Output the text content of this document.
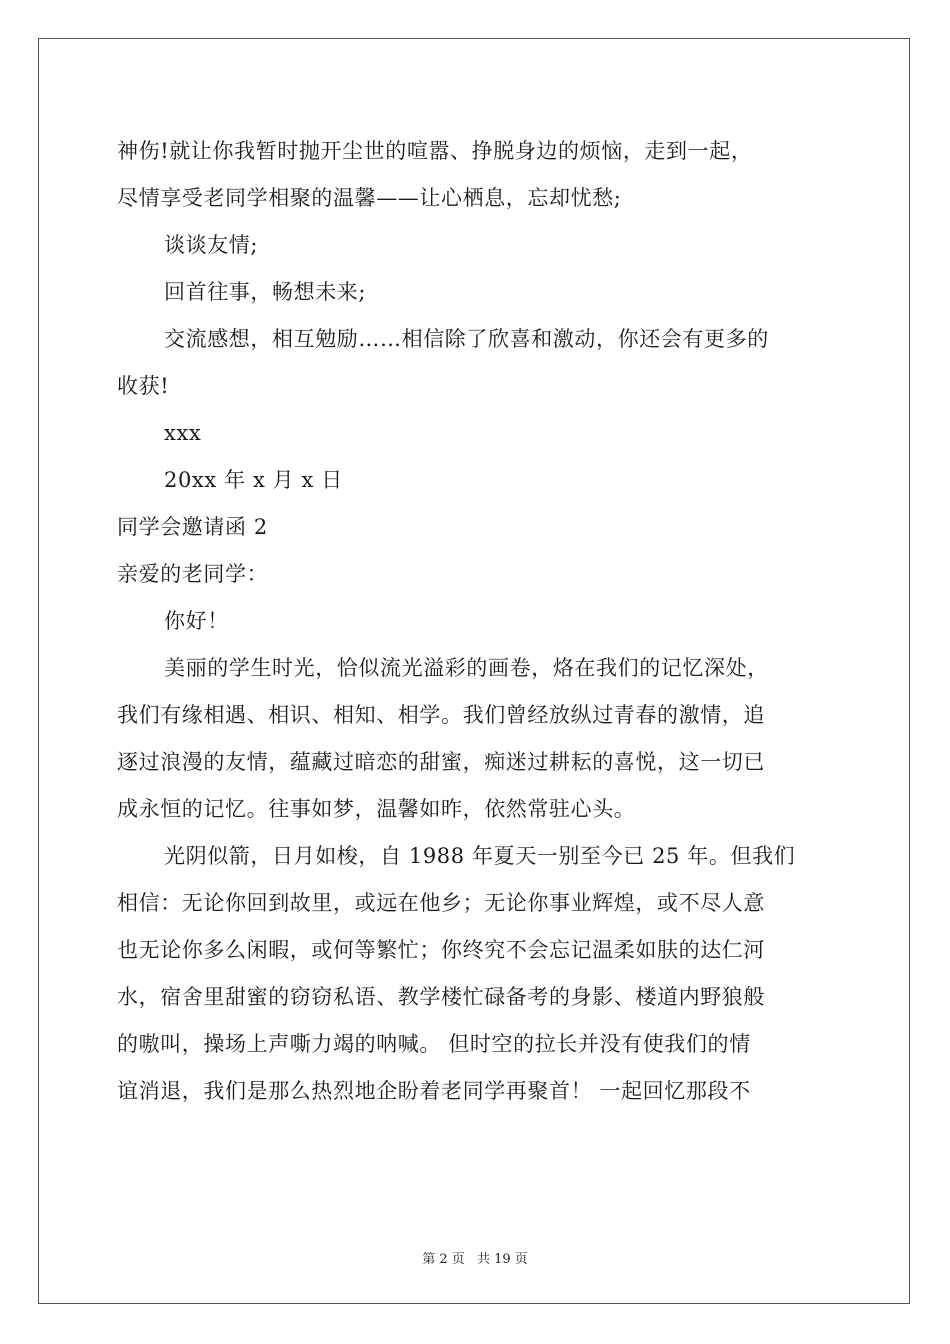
神伤!就让你我暂时抛开尘世的喧嚣、挣脱身边的烦恼，走到一起，
尽情享受老同学相聚的温馨——让心栖息，忘却忧愁;
谈谈友情;
回首往事，畅想未来;
交流感想，相互勉励……相信除了欣喜和激动，你还会有更多的
收获!
xxx
20xx 年 x 月 x 日
同学会邀请函 2
亲爱的老同学：
你好！
美丽的学生时光，恰似流光溢彩的画卷，烙在我们的记忆深处，
我们有缘相遇、相识、相知、相学。我们曾经放纵过青春的激情，追
逐过浪漫的友情，蕴藏过暗恋的甜蜜，痴迷过耕耘的喜悦，这一切已
成永恒的记忆。往事如梦，温馨如昨，依然常驻心头。
光阴似箭，日月如梭，自 1988 年夏天一别至今已 25 年。但我们
相信：无论你回到故里，或远在他乡；无论你事业辉煌，或不尽人意
也无论你多么闲暇，或何等繁忙；你终究不会忘记温柔如肤的达仁河
水，宿舍里甜蜜的窃窃私语、教学楼忙碌备考的身影、楼道内野狼般
的嗷叫，操场上声嘶力竭的呐喊。 但时空的拉长并没有使我们的情
谊消退，我们是那么热烈地企盼着老同学再聚首！ 一起回忆那段不
第 2 页 共 19 页
